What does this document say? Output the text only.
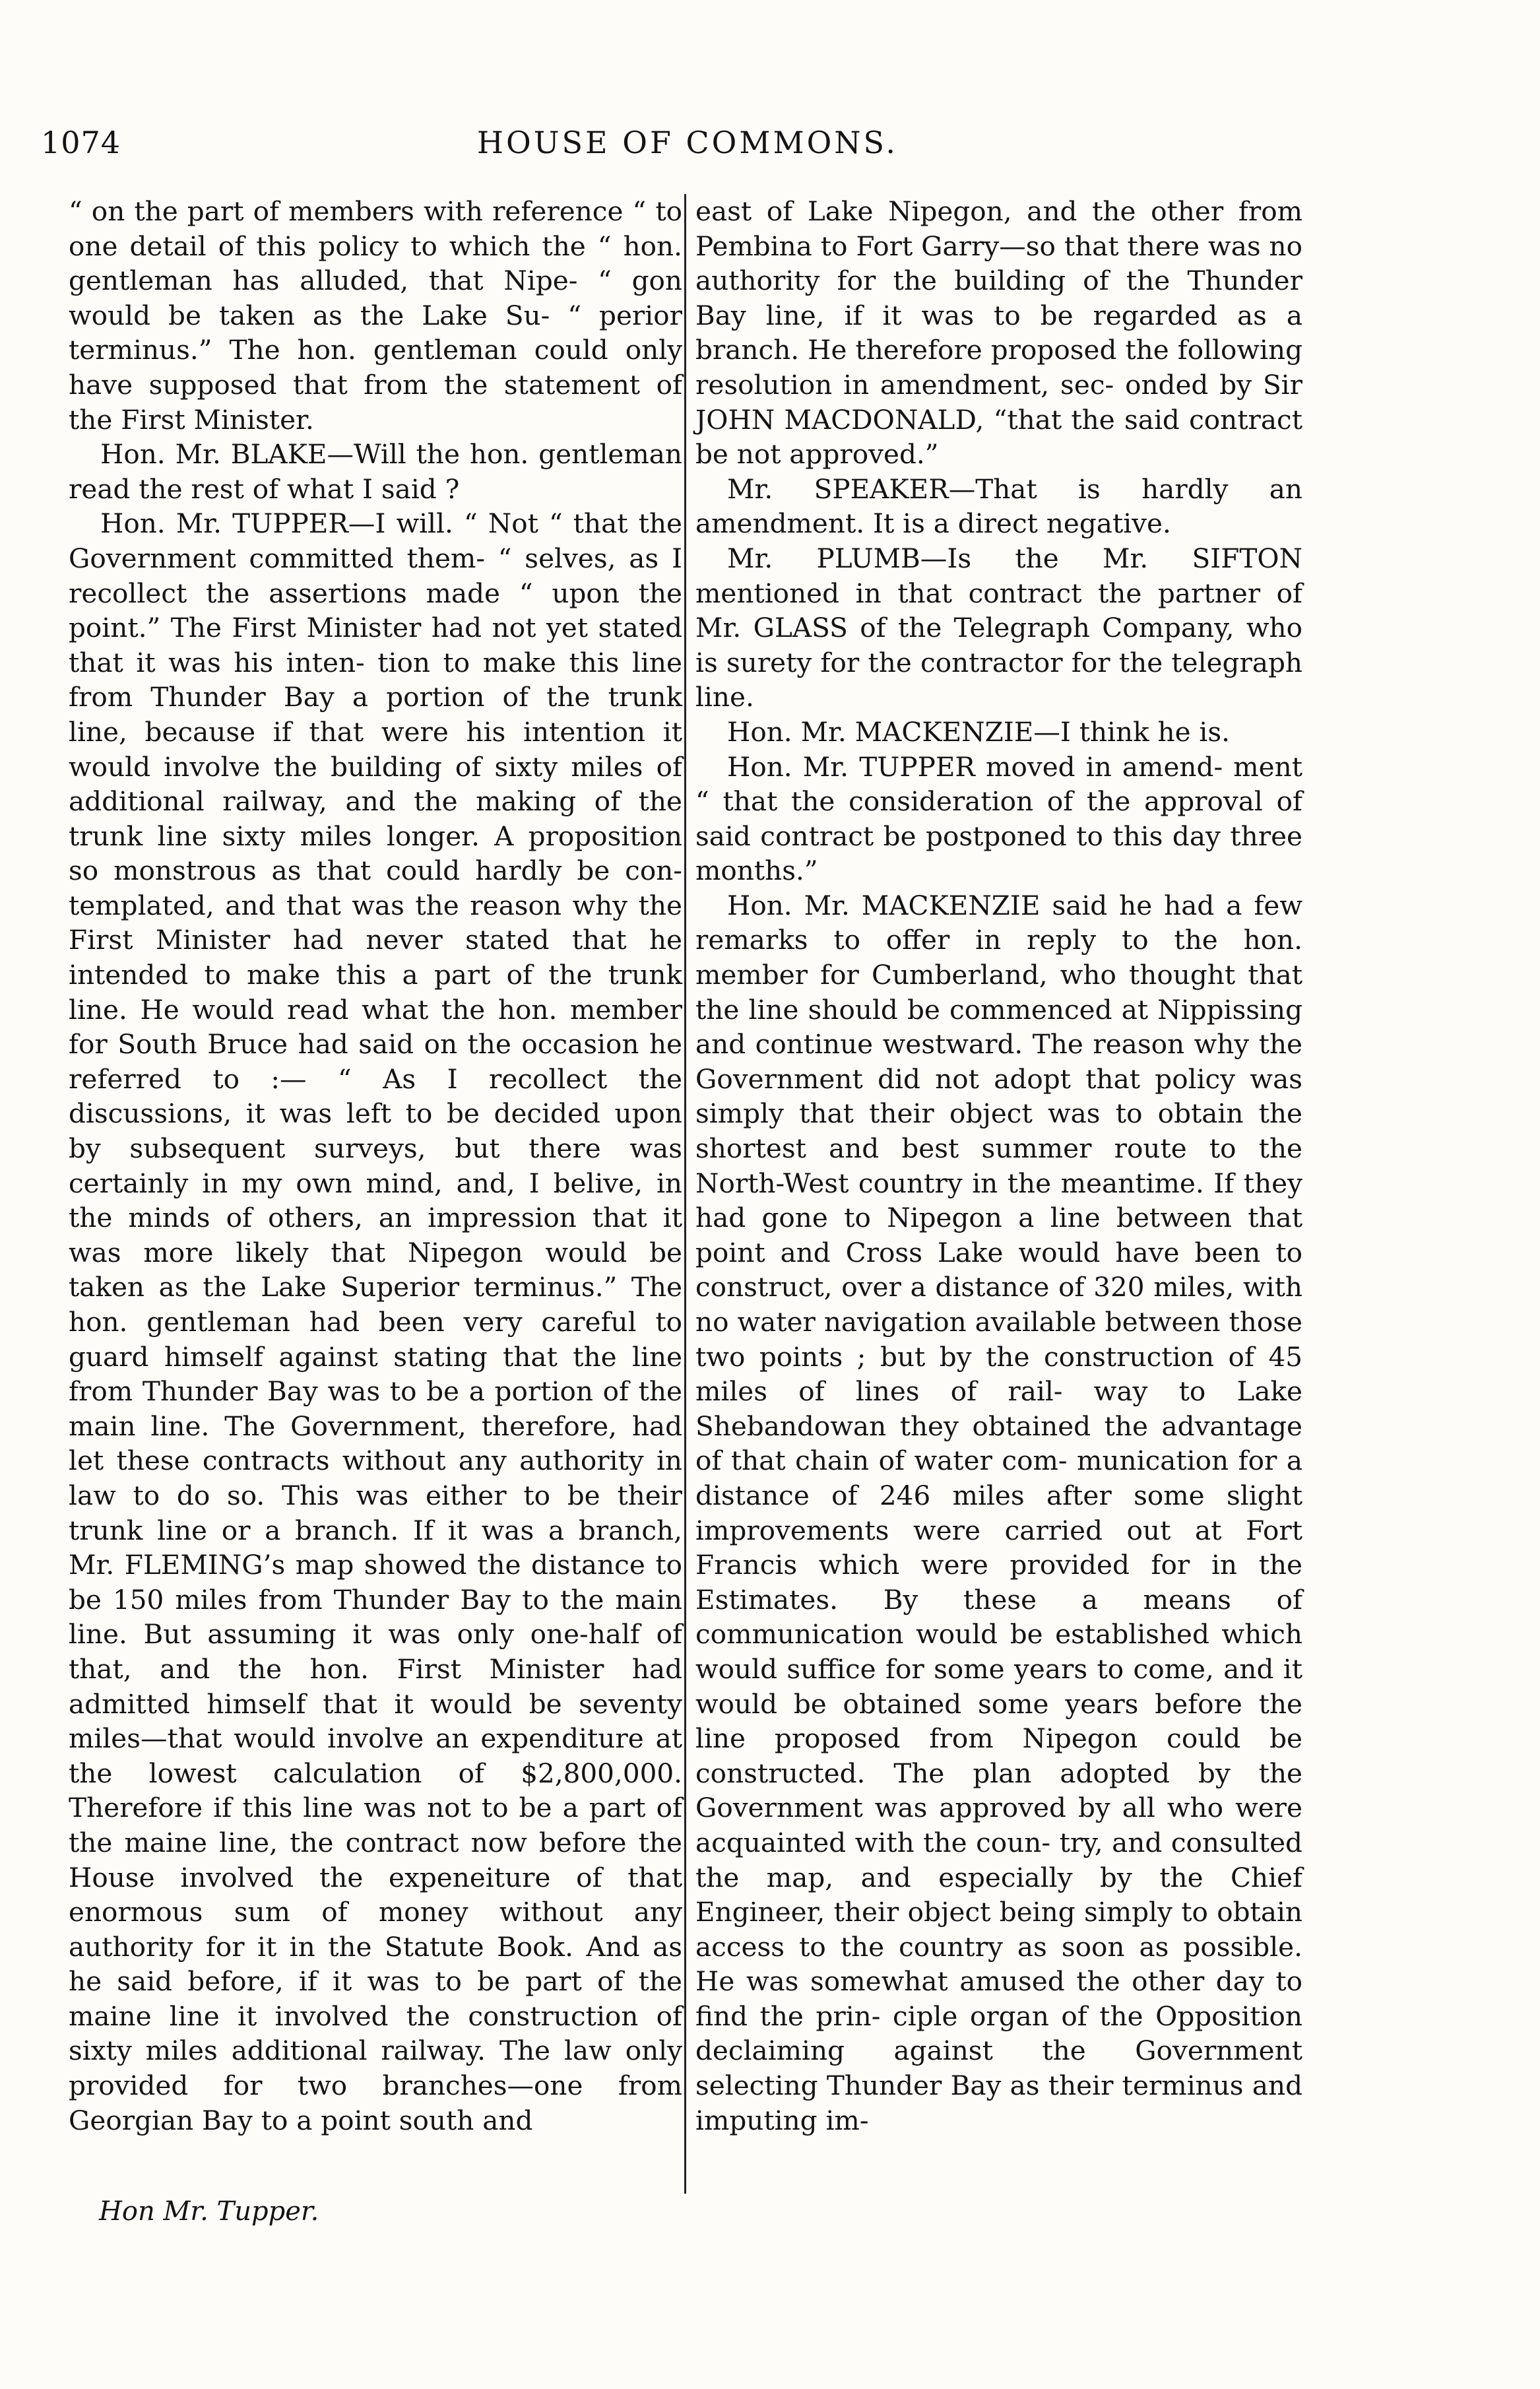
1074	HOUSE OF COMMONS.

“ on the part of members with reference “ to one detail of this policy to which the “ hon. gentleman has alluded, that Nipe- “ gon would be taken as the Lake Su- “ perior terminus.” The hon. gentleman could only have supposed that from the statement of the First Minister.

Hon. Mr. BLAKE—Will the hon. gentleman read the rest of what I said ?

Hon. Mr. TUPPER—I will. “ Not “ that the Government committed them- “ selves, as I recollect the assertions made “ upon the point.” The First Minister had not yet stated that it was his inten- tion to make this line from Thunder Bay a portion of the trunk line, because if that were his intention it would involve the building of sixty miles of additional railway, and the making of the trunk line sixty miles longer. A proposition so monstrous as that could hardly be con- templated, and that was the reason why the First Minister had never stated that he intended to make this a part of the trunk line. He would read what the hon. member for South Bruce had said on the occasion he referred to :— “ As I recollect the discussions, it was left to be decided upon by subsequent surveys, but there was certainly in my own mind, and, I belive, in the minds of others, an impression that it was more likely that Nipegon would be taken as the Lake Superior terminus.” The hon. gentleman had been very careful to guard himself against stating that the line from Thunder Bay was to be a portion of the main line. The Government, therefore, had let these contracts without any authority in law to do so. This was either to be their trunk line or a branch. If it was a branch, Mr. FLEMING’s map showed the distance to be 150 miles from Thunder Bay to the main line. But assuming it was only one-half of that, and the hon. First Minister had admitted himself that it would be seventy miles—that would involve an expenditure at the lowest calculation of $2,800,000. Therefore if this line was not to be a part of the maine line, the contract now before the House involved the expeneiture of that enormous sum of money without any authority for it in the Statute Book. And as he said before, if it was to be part of the maine line it involved the construction of sixty miles additional railway. The law only provided for two branches—one from Georgian Bay to a point south and

east of Lake Nipegon, and the other from Pembina to Fort Garry—so that there was no authority for the building of the Thunder Bay line, if it was to be regarded as a branch. He therefore proposed the following resolution in amendment, sec- onded by Sir JOHN MACDONALD, “that the said contract be not approved.”

Mr. SPEAKER—That is hardly an amendment. It is a direct negative.

Mr. PLUMB—Is the Mr. SIFTON mentioned in that contract the partner of Mr. GLASS of the Telegraph Company, who is surety for the contractor for the telegraph line.

Hon. Mr. MACKENZIE—I think he is.

Hon. Mr. TUPPER moved in amend- ment “ that the consideration of the approval of said contract be postponed to this day three months.”

Hon. Mr. MACKENZIE said he had a few remarks to offer in reply to the hon. member for Cumberland, who thought that the line should be commenced at Nippissing and continue westward. The reason why the Government did not adopt that policy was simply that their object was to obtain the shortest and best summer route to the North-West country in the meantime. If they had gone to Nipegon a line between that point and Cross Lake would have been to construct, over a distance of 320 miles, with no water navigation available between those two points ; but by the construction of 45 miles of lines of rail- way to Lake Shebandowan they obtained the advantage of that chain of water com- munication for a distance of 246 miles after some slight improvements were carried out at Fort Francis which were provided for in the Estimates. By these a means of communication would be established which would suffice for some years to come, and it would be obtained some years before the line proposed from Nipegon could be constructed. The plan adopted by the Government was approved by all who were acquainted with the coun- try, and consulted the map, and especially by the Chief Engineer, their object being simply to obtain access to the country as soon as possible. He was somewhat amused the other day to find the prin- ciple organ of the Opposition declaiming against the Government selecting Thunder Bay as their terminus and imputing im-

Hon Mr. Tupper.
